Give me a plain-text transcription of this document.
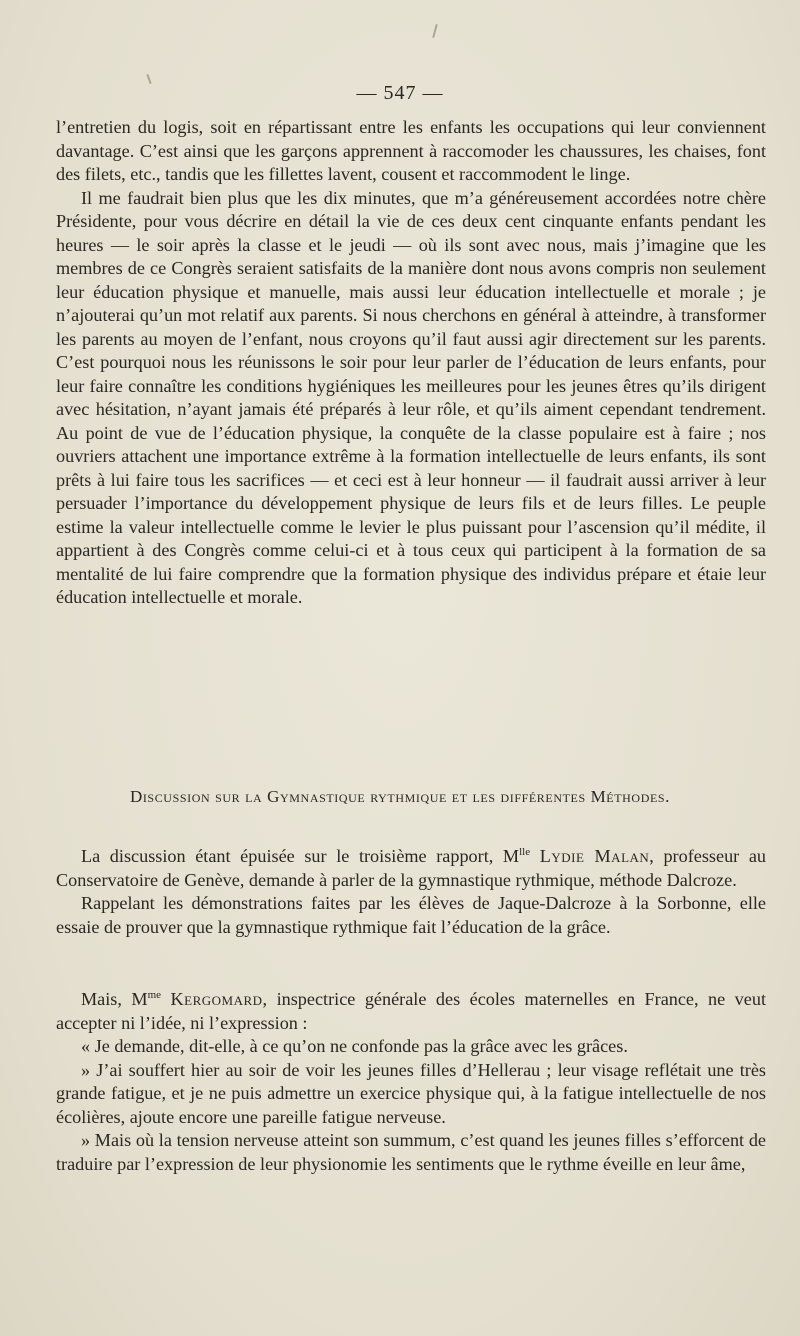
— 547 —

l’entretien du logis, soit en répartissant entre les enfants les occupations qui leur conviennent davantage. C’est ainsi que les garçons apprennent à raccomoder les chaussures, les chaises, font des filets, etc., tandis que les fillettes lavent, cousent et raccommodent le linge.

Il me faudrait bien plus que les dix minutes, que m’a généreusement accordées notre chère Présidente, pour vous décrire en détail la vie de ces deux cent cinquante enfants pendant les heures — le soir après la classe et le jeudi — où ils sont avec nous, mais j’imagine que les membres de ce Congrès seraient satisfaits de la manière dont nous avons compris non seulement leur éducation physique et manuelle, mais aussi leur éducation intellectuelle et morale ; je n’ajouterai qu’un mot relatif aux parents. Si nous cherchons en général à atteindre, à transformer les parents au moyen de l’enfant, nous croyons qu’il faut aussi agir directement sur les parents. C’est pourquoi nous les réunissons le soir pour leur parler de l’éducation de leurs enfants, pour leur faire connaître les conditions hygiéniques les meilleures pour les jeunes êtres qu’ils dirigent avec hésitation, n’ayant jamais été préparés à leur rôle, et qu’ils aiment cependant tendrement. Au point de vue de l’éducation physique, la conquête de la classe populaire est à faire ; nos ouvriers attachent une importance extrême à la formation intellectuelle de leurs enfants, ils sont prêts à lui faire tous les sacrifices — et ceci est à leur honneur — il faudrait aussi arriver à leur persuader l’importance du développement physique de leurs fils et de leurs filles. Le peuple estime la valeur intellectuelle comme le levier le plus puissant pour l’ascension qu’il médite, il appartient à des Congrès comme celui-ci et à tous ceux qui participent à la formation de sa mentalité de lui faire comprendre que la formation physique des individus prépare et étaie leur éducation intellectuelle et morale.

Discussion sur la Gymnastique rythmique et les différentes Méthodes.

La discussion étant épuisée sur le troisième rapport, $M^{lle}$ Lydie Malan, professeur au Conservatoire de Genève, demande à parler de la gymnastique rythmique, méthode Dalcroze.

Rappelant les démonstrations faites par les élèves de Jaque-Dalcroze à la Sorbonne, elle essaie de prouver que la gymnastique rythmique fait l’éducation de la grâce.

Mais, $M^{me}$ Kergomard, inspectrice générale des écoles maternelles en France, ne veut accepter ni l’idée, ni l’expression :

« Je demande, dit-elle, à ce qu’on ne confonde pas la grâce avec les grâces.

» J’ai souffert hier au soir de voir les jeunes filles d’Hellerau ; leur visage reflétait une très grande fatigue, et je ne puis admettre un exercice physique qui, à la fatigue intellectuelle de nos écolières, ajoute encore une pareille fatigue nerveuse.

» Mais où la tension nerveuse atteint son summum, c’est quand les jeunes filles s’efforcent de traduire par l’expression de leur physionomie les sentiments que le rythme éveille en leur âme,
